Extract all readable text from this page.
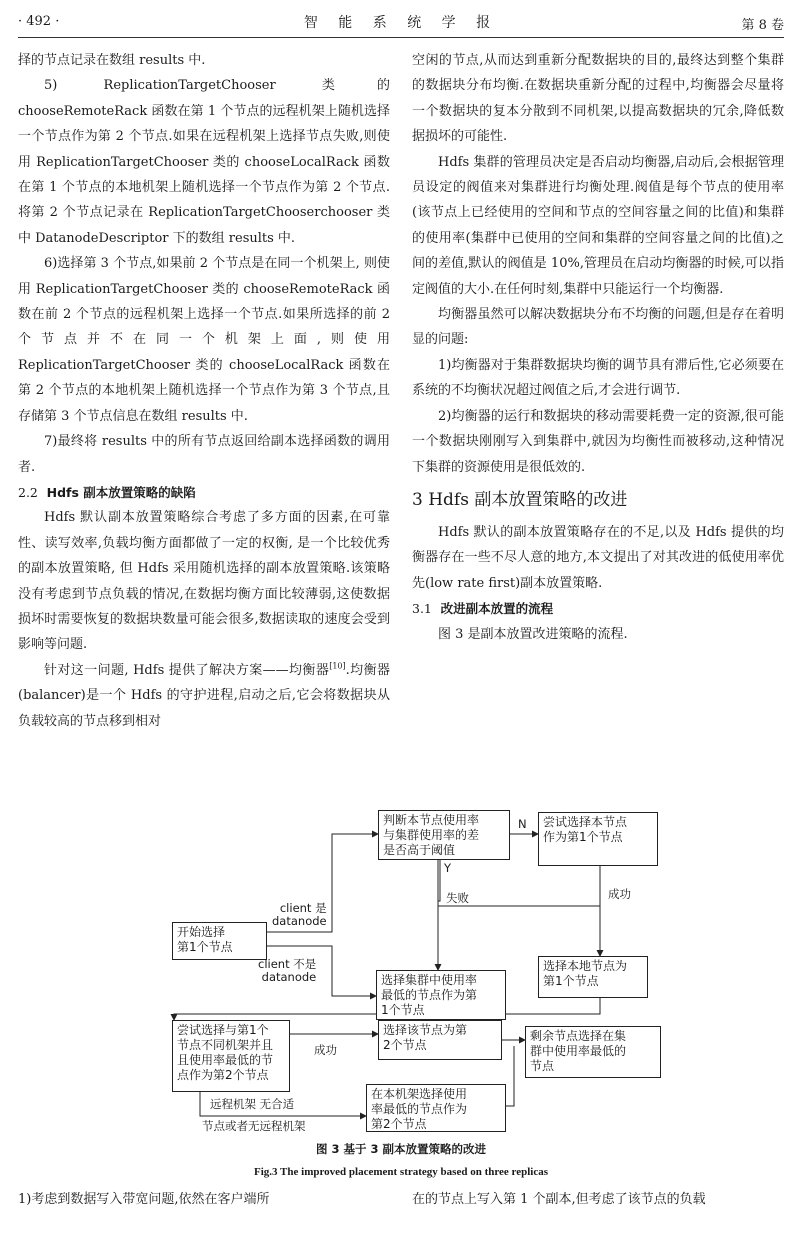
· 492 ·	智 能 系 统 学 报	第 8 卷

择的节点记录在数组 results 中.

5) ReplicationTargetChooser 类的 chooseRemoteRack 函数在第 1 个节点的远程机架上随机选择一个节点作为第 2 个节点.如果在远程机架上选择节点失败,则使用 ReplicationTargetChooser 类的 chooseLocalRack 函数在第 1 个节点的本地机架上随机选择一个节点作为第 2 个节点.将第 2 个节点记录在 ReplicationTargetChooserchooser 类中 DatanodeDescriptor 下的数组 results 中.

6)选择第 3 个节点,如果前 2 个节点是在同一个机架上, 则使用 ReplicationTargetChooser 类的 chooseRemoteRack 函数在前 2 个节点的远程机架上选择一个节点.如果所选择的前 2 个节点并不在同一个机架上面,则使用 ReplicationTargetChooser 类的 chooseLocalRack 函数在第 2 个节点的本地机架上随机选择一个节点作为第 3 个节点,且存储第 3 个节点信息在数组 results 中.

7)最终将 results 中的所有节点返回给副本选择函数的调用者.

2.2 Hdfs 副本放置策略的缺陷

Hdfs 默认副本放置策略综合考虑了多方面的因素,在可靠性、读写效率,负载均衡方面都做了一定的权衡, 是一个比较优秀的副本放置策略, 但 Hdfs 采用随机选择的副本放置策略.该策略没有考虑到节点负载的情况,在数据均衡方面比较薄弱,这使数据损坏时需要恢复的数据块数量可能会很多,数据读取的速度会受到影响等问题.

针对这一问题, Hdfs 提供了解决方案——均衡器[10].均衡器(balancer)是一个 Hdfs 的守护进程,启动之后,它会将数据块从负载较高的节点移到相对

空闲的节点,从而达到重新分配数据块的目的,最终达到整个集群的数据块分布均衡.在数据块重新分配的过程中,均衡器会尽量将一个数据块的复本分散到不同机架,以提高数据块的冗余,降低数据损坏的可能性.

Hdfs 集群的管理员决定是否启动均衡器,启动后,会根据管理员设定的阀值来对集群进行均衡处理.阀值是每个节点的使用率(该节点上已经使用的空间和节点的空间容量之间的比值)和集群的使用率(集群中已使用的空间和集群的空间容量之间的比值)之间的差值,默认的阀值是 10%,管理员在启动均衡器的时候,可以指定阀值的大小.在任何时刻,集群中只能运行一个均衡器.

均衡器虽然可以解决数据块分布不均衡的问题,但是存在着明显的问题:

1)均衡器对于集群数据块均衡的调节具有滞后性,它必须要在系统的不均衡状况超过阀值之后,才会进行调节.

2)均衡器的运行和数据块的移动需要耗费一定的资源,很可能一个数据块刚刚写入到集群中,就因为均衡性而被移动,这种情况下集群的资源使用是很低效的.

3 Hdfs 副本放置策略的改进

Hdfs 默认的副本放置策略存在的不足,以及 Hdfs 提供的均衡器存在一些不尽人意的地方,本文提出了对其改进的低使用率优先(low rate first)副本放置策略.

3.1 改进副本放置的流程

图 3 是副本放置改进策略的流程.

开始选择
第1个节点
判断本节点使用率
与集群使用率的差
是否高于阈值
尝试选择本节点
作为第1个节点
选择集群中使用率
最低的节点作为第
1个节点
选择本地节点为
第1个节点
尝试选择与第1个
节点不同机架并且
且使用率最低的节
点作为第2个节点
选择该节点为第
2个节点
剩余节点选择在集
群中使用率最低的
节点
在本机架选择使用
率最低的节点作为
第2个节点
client 是
datanode
client 不是
datanode
N
Y
失败	成功
成功
远程机架 无合适
节点或者无远程机架
图 3 基于 3 副本放置策略的改进
Fig.3 The improved placement strategy based on three replicas
1)考虑到数据写入带宽问题,依然在客户端所	在的节点上写入第 1 个副本,但考虑了该节点的负载
